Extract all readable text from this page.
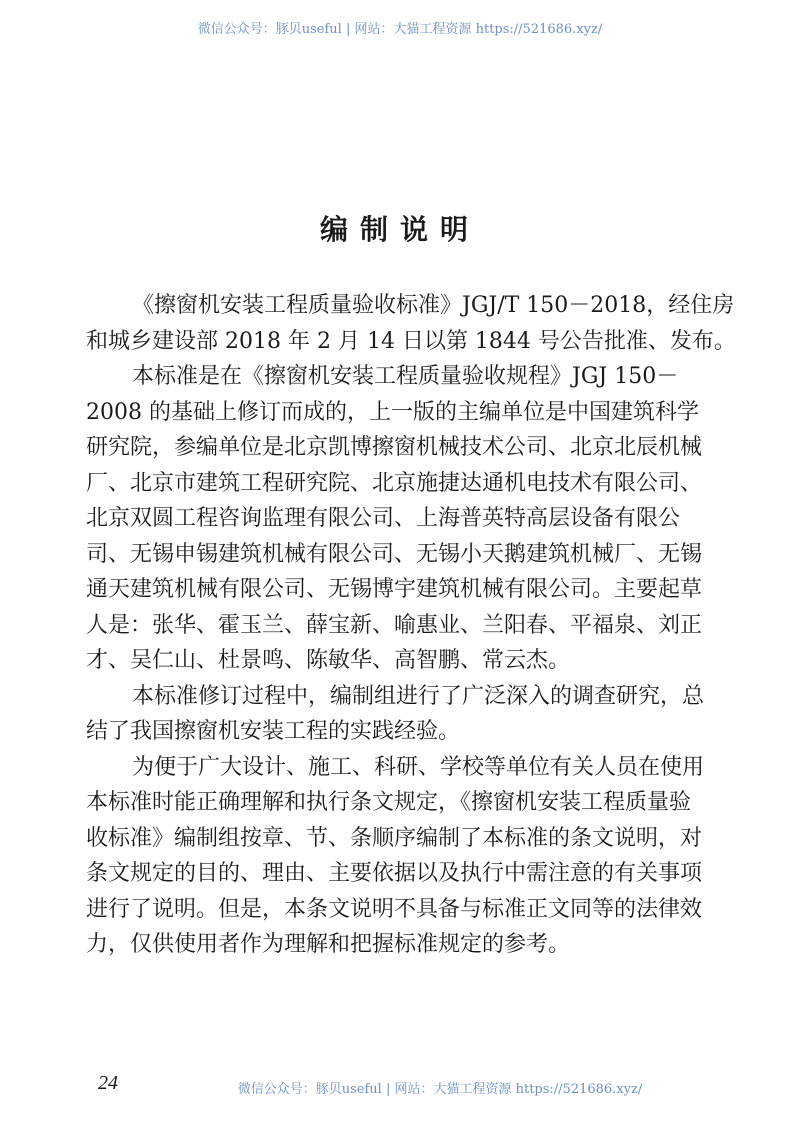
微信公众号：豚贝useful | 网站：大猫工程资源 https://521686.xyz/
编制说明
《擦窗机安装工程质量验收标准》JGJ/T 150－2018，经住房
和城乡建设部 2018 年 2 月 14 日以第 1844 号公告批准、发布。
本标准是在《擦窗机安装工程质量验收规程》JGJ 150－
2008 的基础上修订而成的，上一版的主编单位是中国建筑科学
研究院，参编单位是北京凯博擦窗机械技术公司、北京北辰机械
厂、北京市建筑工程研究院、北京施捷达通机电技术有限公司、
北京双圆工程咨询监理有限公司、上海普英特高层设备有限公
司、无锡申锡建筑机械有限公司、无锡小天鹅建筑机械厂、无锡
通天建筑机械有限公司、无锡博宇建筑机械有限公司。主要起草
人是：张华、霍玉兰、薛宝新、喻惠业、兰阳春、平福泉、刘正
才、吴仁山、杜景鸣、陈敏华、高智鹏、常云杰。
本标准修订过程中，编制组进行了广泛深入的调查研究，总
结了我国擦窗机安装工程的实践经验。
为便于广大设计、施工、科研、学校等单位有关人员在使用
本标准时能正确理解和执行条文规定，《擦窗机安装工程质量验
收标准》编制组按章、节、条顺序编制了本标准的条文说明，对
条文规定的目的、理由、主要依据以及执行中需注意的有关事项
进行了说明。但是，本条文说明不具备与标准正文同等的法律效
力，仅供使用者作为理解和把握标准规定的参考。
24	微信公众号：豚贝useful | 网站：大猫工程资源 https://521686.xyz/
